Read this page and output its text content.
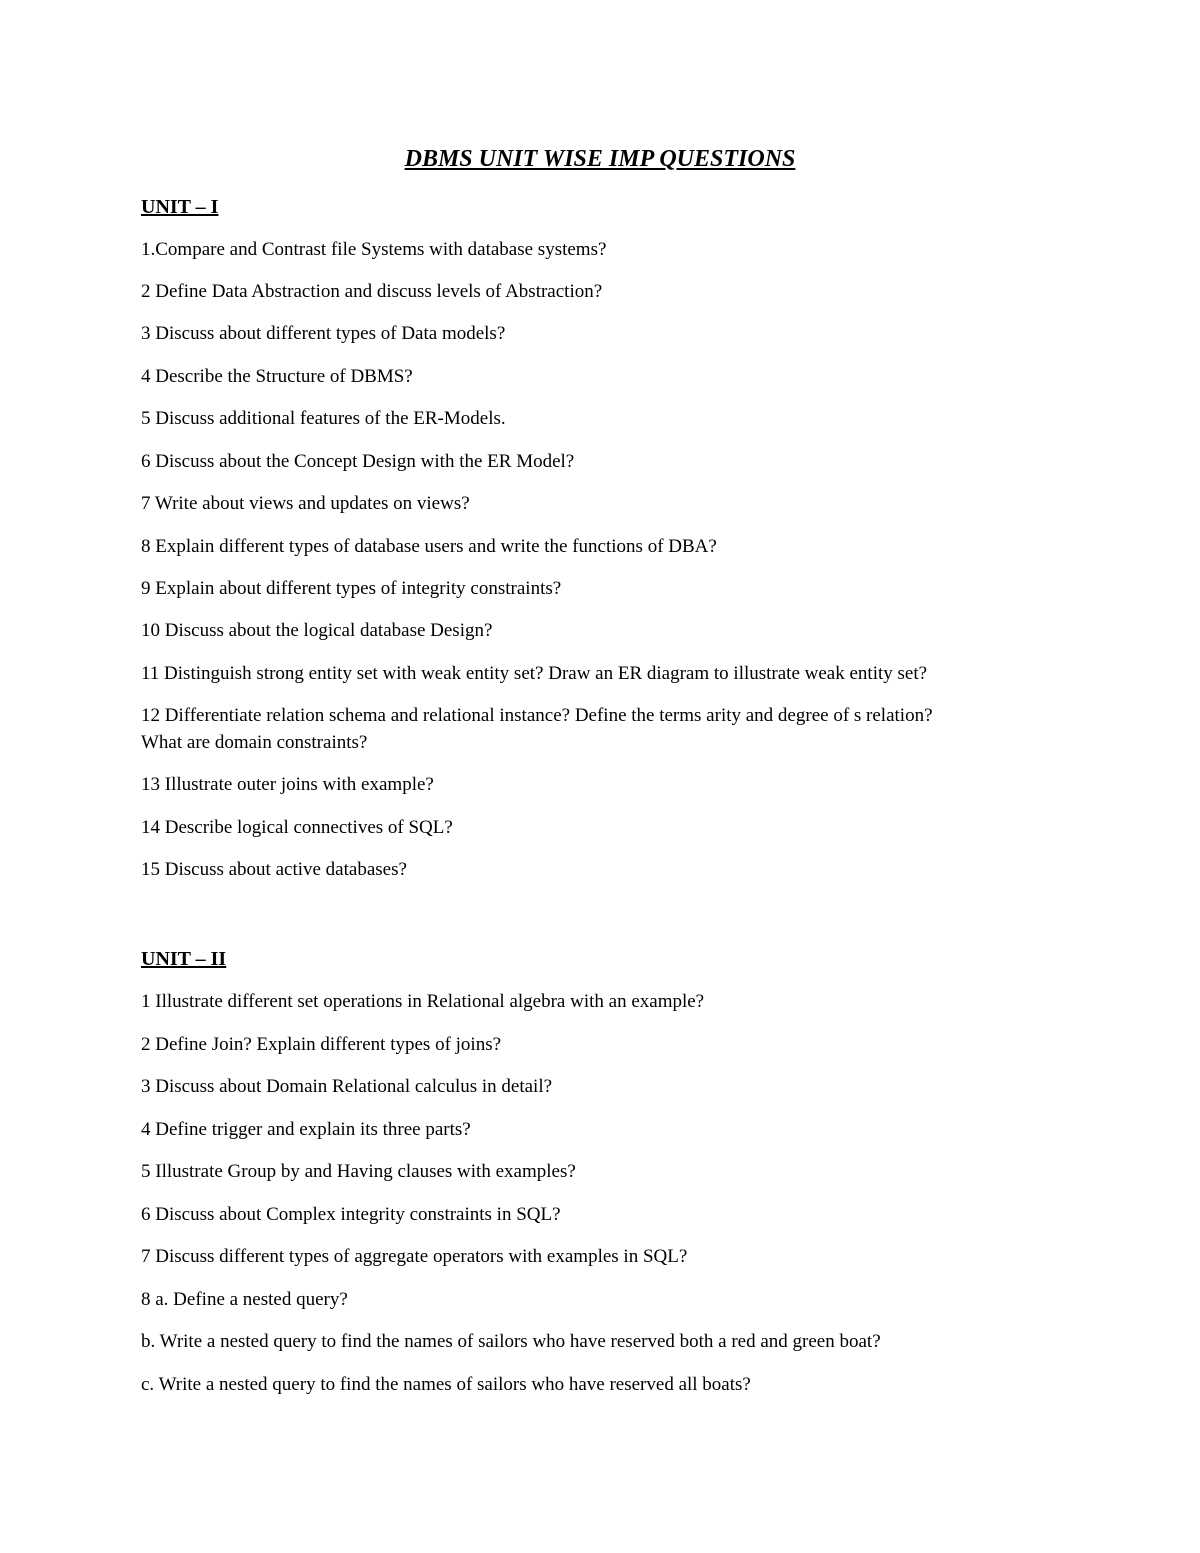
DBMS UNIT WISE IMP QUESTIONS
UNIT – I
1.Compare and Contrast file Systems with database systems?
2 Define Data Abstraction and discuss levels of Abstraction?
3 Discuss about different types of Data models?
4 Describe the Structure of DBMS?
5 Discuss additional features of the ER-Models.
6 Discuss about the Concept Design with the ER Model?
7 Write about views and updates on views?
8 Explain different types of database users and write the functions of DBA?
9 Explain about different types of integrity constraints?
10 Discuss about the logical database Design?
11 Distinguish strong entity set with weak entity set? Draw an ER diagram to illustrate weak entity set?
12 Differentiate relation schema and relational instance? Define the terms arity and degree of s relation?
What are domain constraints?
13 Illustrate outer joins with example?
14 Describe logical connectives of SQL?
15 Discuss about active databases?
UNIT – II
1 Illustrate different set operations in Relational algebra with an example?
2 Define Join? Explain different types of joins?
3 Discuss about Domain Relational calculus in detail?
4 Define trigger and explain its three parts?
5 Illustrate Group by and Having clauses with examples?
6 Discuss about Complex integrity constraints in SQL?
7 Discuss different types of aggregate operators with examples in SQL?
8 a. Define a nested query?
b. Write a nested query to find the names of sailors who have reserved both a red and green boat?
c. Write a nested query to find the names of sailors who have reserved all boats?
